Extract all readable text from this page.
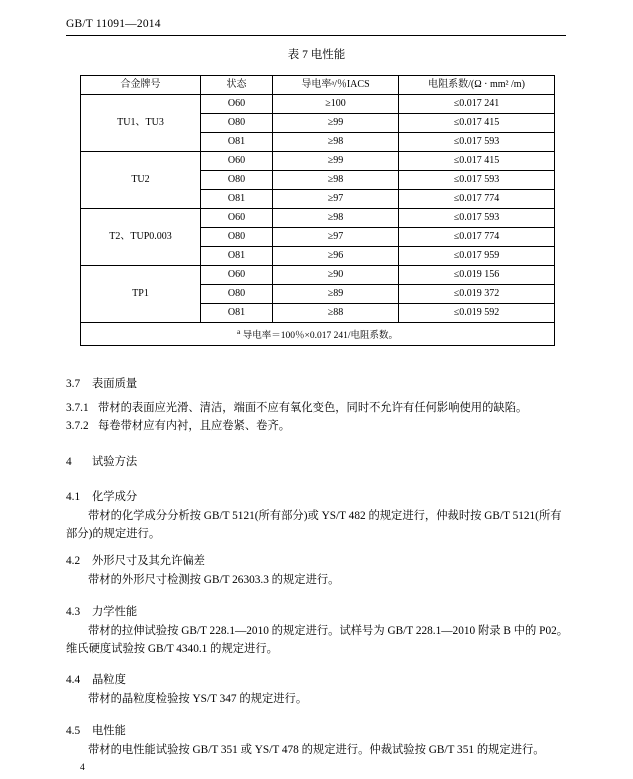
GB/T 11091—2014
表 7 电性能
合金牌号	状态	导电率ᵃ/％IACS	电阻系数/(Ω · mm² /m)
TU1、TU3	O60	≥100	≤0.017 241
	O80	≥99	≤0.017 415
	O81	≥98	≤0.017 593
TU2	O60	≥99	≤0.017 415
	O80	≥98	≤0.017 593
	O81	≥97	≤0.017 774
T2、TUP0.003	O60	≥98	≤0.017 593
	O80	≥97	≤0.017 774
	O81	≥96	≤0.017 959
TP1	O60	≥90	≤0.019 156
	O80	≥89	≤0.019 372
	O81	≥88	≤0.019 592
$^a$ 导电率＝100％×0.017 241/电阻系数。			
3.7 表面质量
3.7.1 带材的表面应光滑、清洁，端面不应有氧化变色，同时不允许有任何影响使用的缺陷。
3.7.2 每卷带材应有内衬，且应卷紧、卷齐。
4 试验方法
4.1 化学成分
带材的化学成分分析按 GB/T 5121(所有部分)或 YS/T 482 的规定进行，仲裁时按 GB/T 5121(所有部分)的规定进行。
4.2 外形尺寸及其允许偏差
带材的外形尺寸检测按 GB/T 26303.3 的规定进行。
4.3 力学性能
带材的拉伸试验按 GB/T 228.1—2010 的规定进行。试样号为 GB/T 228.1—2010 附录 B 中的 P02。维氏硬度试验按 GB/T 4340.1 的规定进行。
4.4 晶粒度
带材的晶粒度检验按 YS/T 347 的规定进行。
4.5 电性能
带材的电性能试验按 GB/T 351 或 YS/T 478 的规定进行。仲裁试验按 GB/T 351 的规定进行。
4
